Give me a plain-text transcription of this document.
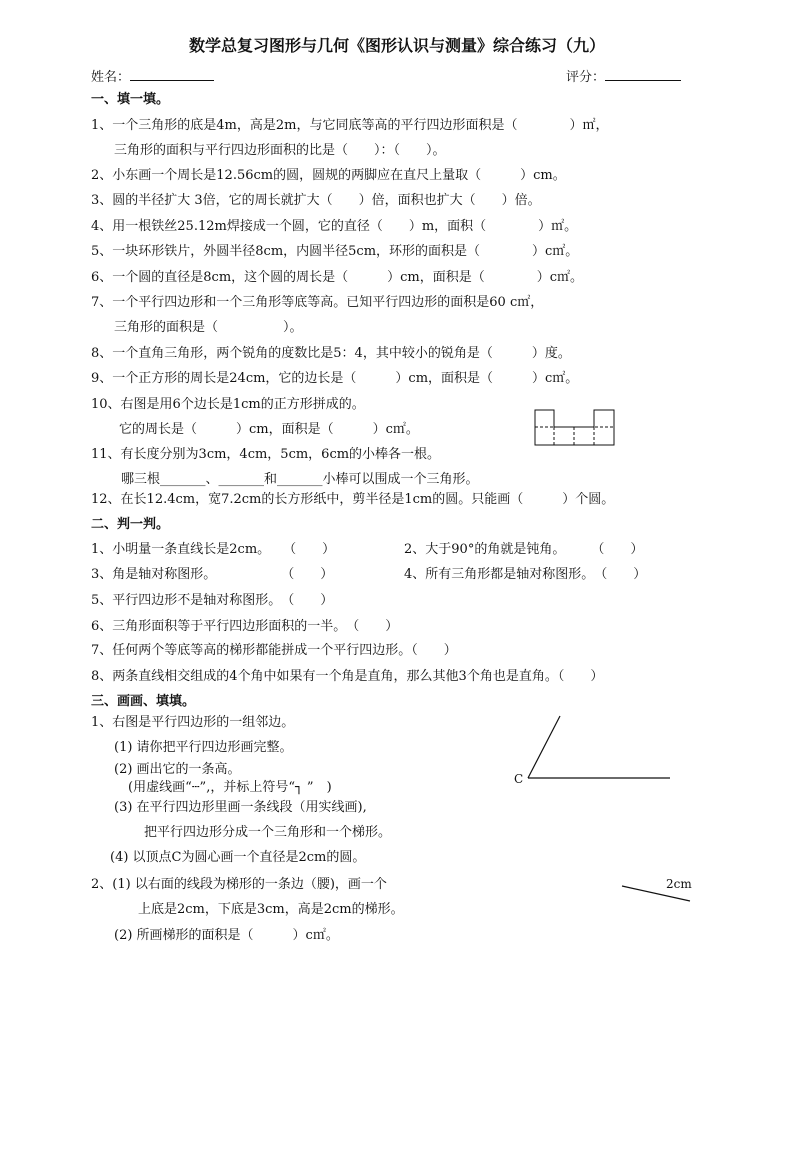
数学总复习图形与几何《图形认识与测量》综合练习（九）
姓名：	评分：
一、填一填。
1、一个三角形的底是4m，高是2m，与它同底等高的平行四边形面积是（　　　　）㎡，
三角形的面积与平行四边形面积的比是（　　）：（　　）。
2、小东画一个周长是12.56cm的圆，圆规的两脚应在直尺上量取（　　　）cm。
3、圆的半径扩大 3倍，它的周长就扩大（　　）倍，面积也扩大（　　）倍。
4、用一根铁丝25.12m焊接成一个圆，它的直径（　　）m，面积（　　　　）㎡。
5、一块环形铁片，外圆半径8cm，内圆半径5cm，环形的面积是（　　　　）c㎡。
6、一个圆的直径是8cm，这个圆的周长是（　　　）cm，面积是（　　　　）c㎡。
7、一个平行四边形和一个三角形等底等高。已知平行四边形的面积是60 c㎡，
三角形的面积是（　　　　　）。
8、一个直角三角形，两个锐角的度数比是5：4，其中较小的锐角是（　　　）度。
9、一个正方形的周长是24cm，它的边长是（　　　）cm，面积是（　　　）c㎡。
10、右图是用6个边长是1cm的正方形拼成的。
它的周长是（　　　）cm，面积是（　　　）c㎡。
11、有长度分别为3cm，4cm，5cm，6cm的小棒各一根。
哪三根_______、_______和_______小棒可以围成一个三角形。
12、在长12.4cm，宽7.2cm的长方形纸中，剪半径是1cm的圆。只能画（　　　）个圆。
二、判一判。
1、小明量一条直线长是2cm。　　（　　）	2、大于90°的角就是钝角。　　　（　　）
3、角是轴对称图形。　　　　　　（　　）	4、所有三角形都是轴对称图形。　（　　）
5、平行四边形不是轴对称图形。　（　　）
6、三角形面积等于平行四边形面积的一半。　（　　）
7、任何两个等底等高的梯形都能拼成一个平行四边形。（　　）
8、两条直线相交组成的4个角中如果有一个角是直角，那么其他3个角也是直角。（　　）
三、画画、填填。
1、右图是平行四边形的一组邻边。
(1) 请你把平行四边形画完整。
(2) 画出它的一条高。
(用虚线画“┄”,，并标上符号“┐ ”　)
(3) 在平行四边形里画一条线段（用实线画),
把平行四边形分成一个三角形和一个梯形。
(4) 以顶点C为圆心画一个直径是2cm的圆。
C
2、(1) 以右面的线段为梯形的一条边（腰)，画一个
上底是2cm，下底是3cm，高是2cm的梯形。
(2) 所画梯形的面积是（　　　）c㎡。
2cm
